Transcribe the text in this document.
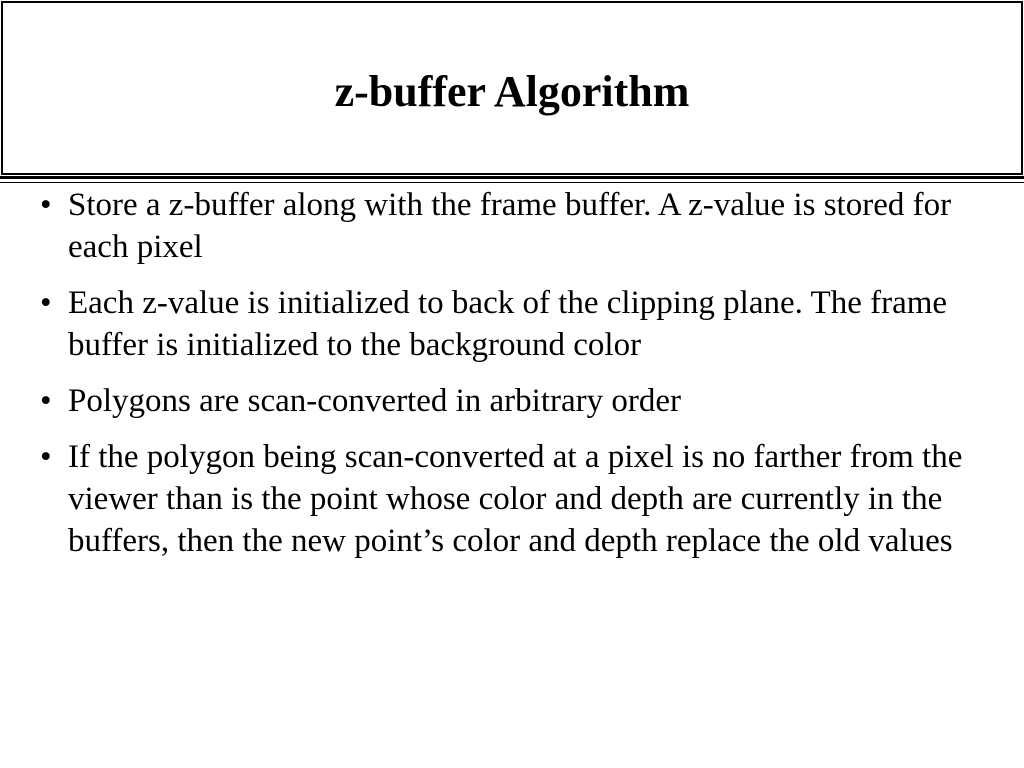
z-buffer Algorithm
• Store a z-buffer along with the frame buffer. A z-value is stored for each pixel
• Each z-value is initialized to back of the clipping plane. The frame buffer is initialized to the background color
• Polygons are scan-converted in arbitrary order
• If the polygon being scan-converted at a pixel is no farther from the viewer than is the point whose color and depth are currently in the buffers, then the new point’s color and depth replace the old values
